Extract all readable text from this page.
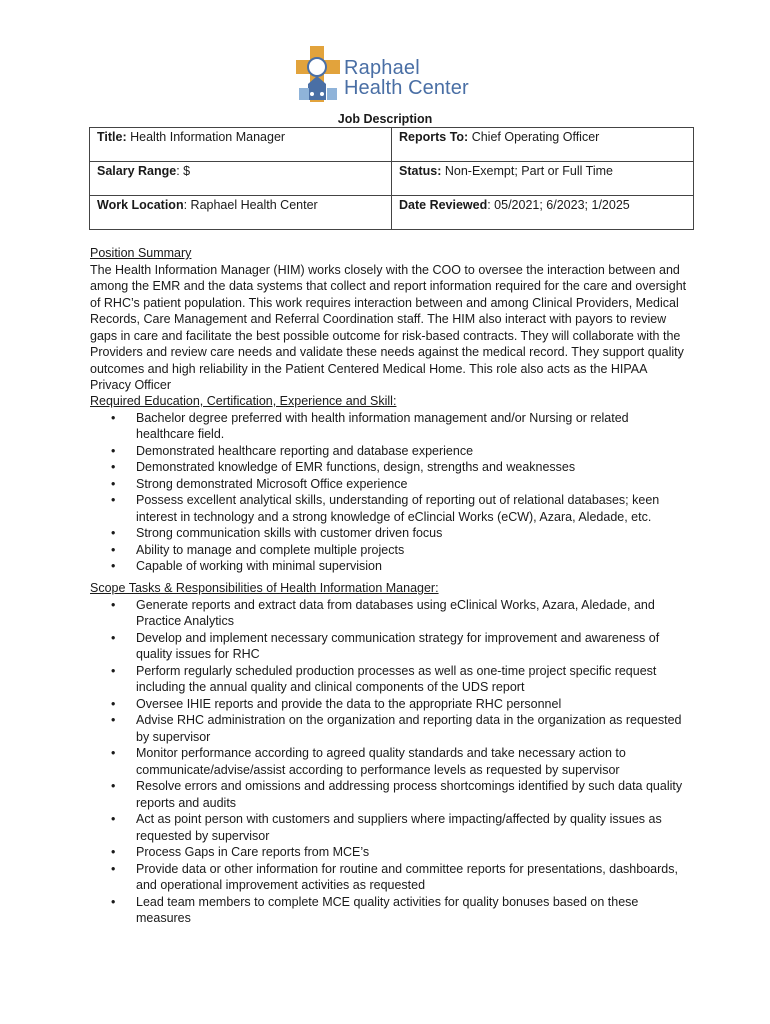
Raphael
Health Center
Job Description
Title: Health Information Manager	Reports To: Chief Operating Officer
Salary Range: $	Status: Non-Exempt; Part or Full Time
Work Location: Raphael Health Center	Date Reviewed: 05/2021; 6/2023; 1/2025
Position Summary

The Health Information Manager (HIM) works closely with the COO to oversee the interaction between and among the EMR and the data systems that collect and report information required for the care and oversight of RHC’s patient population. This work requires interaction between and among Clinical Providers, Medical Records, Care Management and Referral Coordination staff. The HIM also interact with payors to review gaps in care and facilitate the best possible outcome for risk-based contracts. They will collaborate with the Providers and review care needs and validate these needs against the medical record. They support quality outcomes and high reliability in the Patient Centered Medical Home. This role also acts as the HIPAA Privacy Officer

Required Education, Certification, Experience and Skill:
• Bachelor degree preferred with health information management and/or Nursing or related healthcare field.
• Demonstrated healthcare reporting and database experience
• Demonstrated knowledge of EMR functions, design, strengths and weaknesses
• Strong demonstrated Microsoft Office experience
• Possess excellent analytical skills, understanding of reporting out of relational databases; keen interest in technology and a strong knowledge of eClincial Works (eCW), Azara, Aledade, etc.
• Strong communication skills with customer driven focus
• Ability to manage and complete multiple projects
• Capable of working with minimal supervision
Scope Tasks & Responsibilities of Health Information Manager:
• Generate reports and extract data from databases using eClinical Works, Azara, Aledade, and Practice Analytics
• Develop and implement necessary communication strategy for improvement and awareness of quality issues for RHC
• Perform regularly scheduled production processes as well as one-time project specific request including the annual quality and clinical components of the UDS report
• Oversee IHIE reports and provide the data to the appropriate RHC personnel
• Advise RHC administration on the organization and reporting data in the organization as requested by supervisor
• Monitor performance according to agreed quality standards and take necessary action to communicate/advise/assist according to performance levels as requested by supervisor
• Resolve errors and omissions and addressing process shortcomings identified by such data quality reports and audits
• Act as point person with customers and suppliers where impacting/affected by quality issues as requested by supervisor
• Process Gaps in Care reports from MCE’s
• Provide data or other information for routine and committee reports for presentations, dashboards, and operational improvement activities as requested
• Lead team members to complete MCE quality activities for quality bonuses based on these measures
